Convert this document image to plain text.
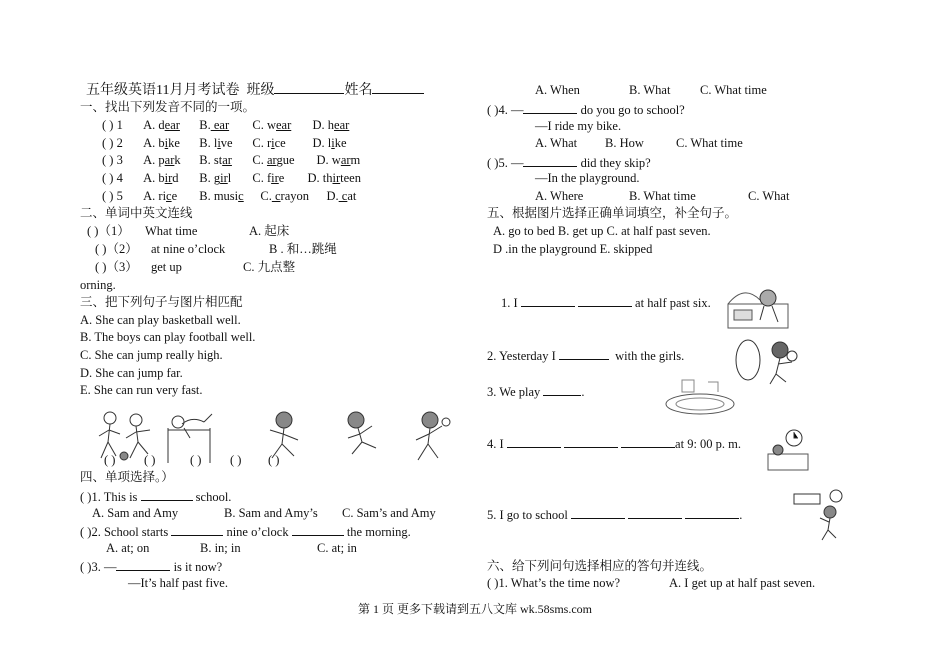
五年级英语11月月考试卷 班级	姓名
一、找出下列发音不同的一项。
( ) 1 A. dear B. ear C. wear D. hear
( ) 2 A. bike B. live C. rice D. like
( ) 3 A. park B. star C. argue D. warm
( ) 4 A. bird B. girl C. fire D. thirteen
( ) 5 A. rice B. music C. crayon D. cat
二、单词中英文连线
( )（1） What time	A. 起床
( )（2） at nine o’clock	B . 和…跳绳
( )（3） get up	C. 九点整
orning.
三、把下列句子与图片相匹配
A. She can play basketball well.
B. The boys can play football well.
C. She can jump really high.
D. She can jump far.
E. She can run very fast.
( ) ( )	( ) ( ) ( )
四、单项选择。）
( )1. This is	school.
A. Sam and Amy	B. Sam and Amy’s C. Sam’s and Amy
( )2. School starts	nine o’clock	the morning.
A. at; on	B. in; in	C. at; in
( )3. —	is it now?
—It’s half past five.
A. When	B. What C. What time
( )4. —	do you go to school?
—I ride my bike.
A. What B. How	C. What time
( )5. —	did they skip?
—In the playground.
A. Where	B. What time	C. What
五、根据图片选择正确单词填空，补全句子。
A. go to bed B. get up C. at half past seven.
D .in the playground E. skipped
1. I	at half past six.
2. Yesterday I	with the girls.
3. We play	.
4. I	at 9: 00 p. m.
5. I go to school	.
六、给下列问句选择相应的答句并连线。
( )1. What’s the time now?	A. I get up at half past seven.
第 1 页 更多下载请到五八文库 wk.58sms.com
